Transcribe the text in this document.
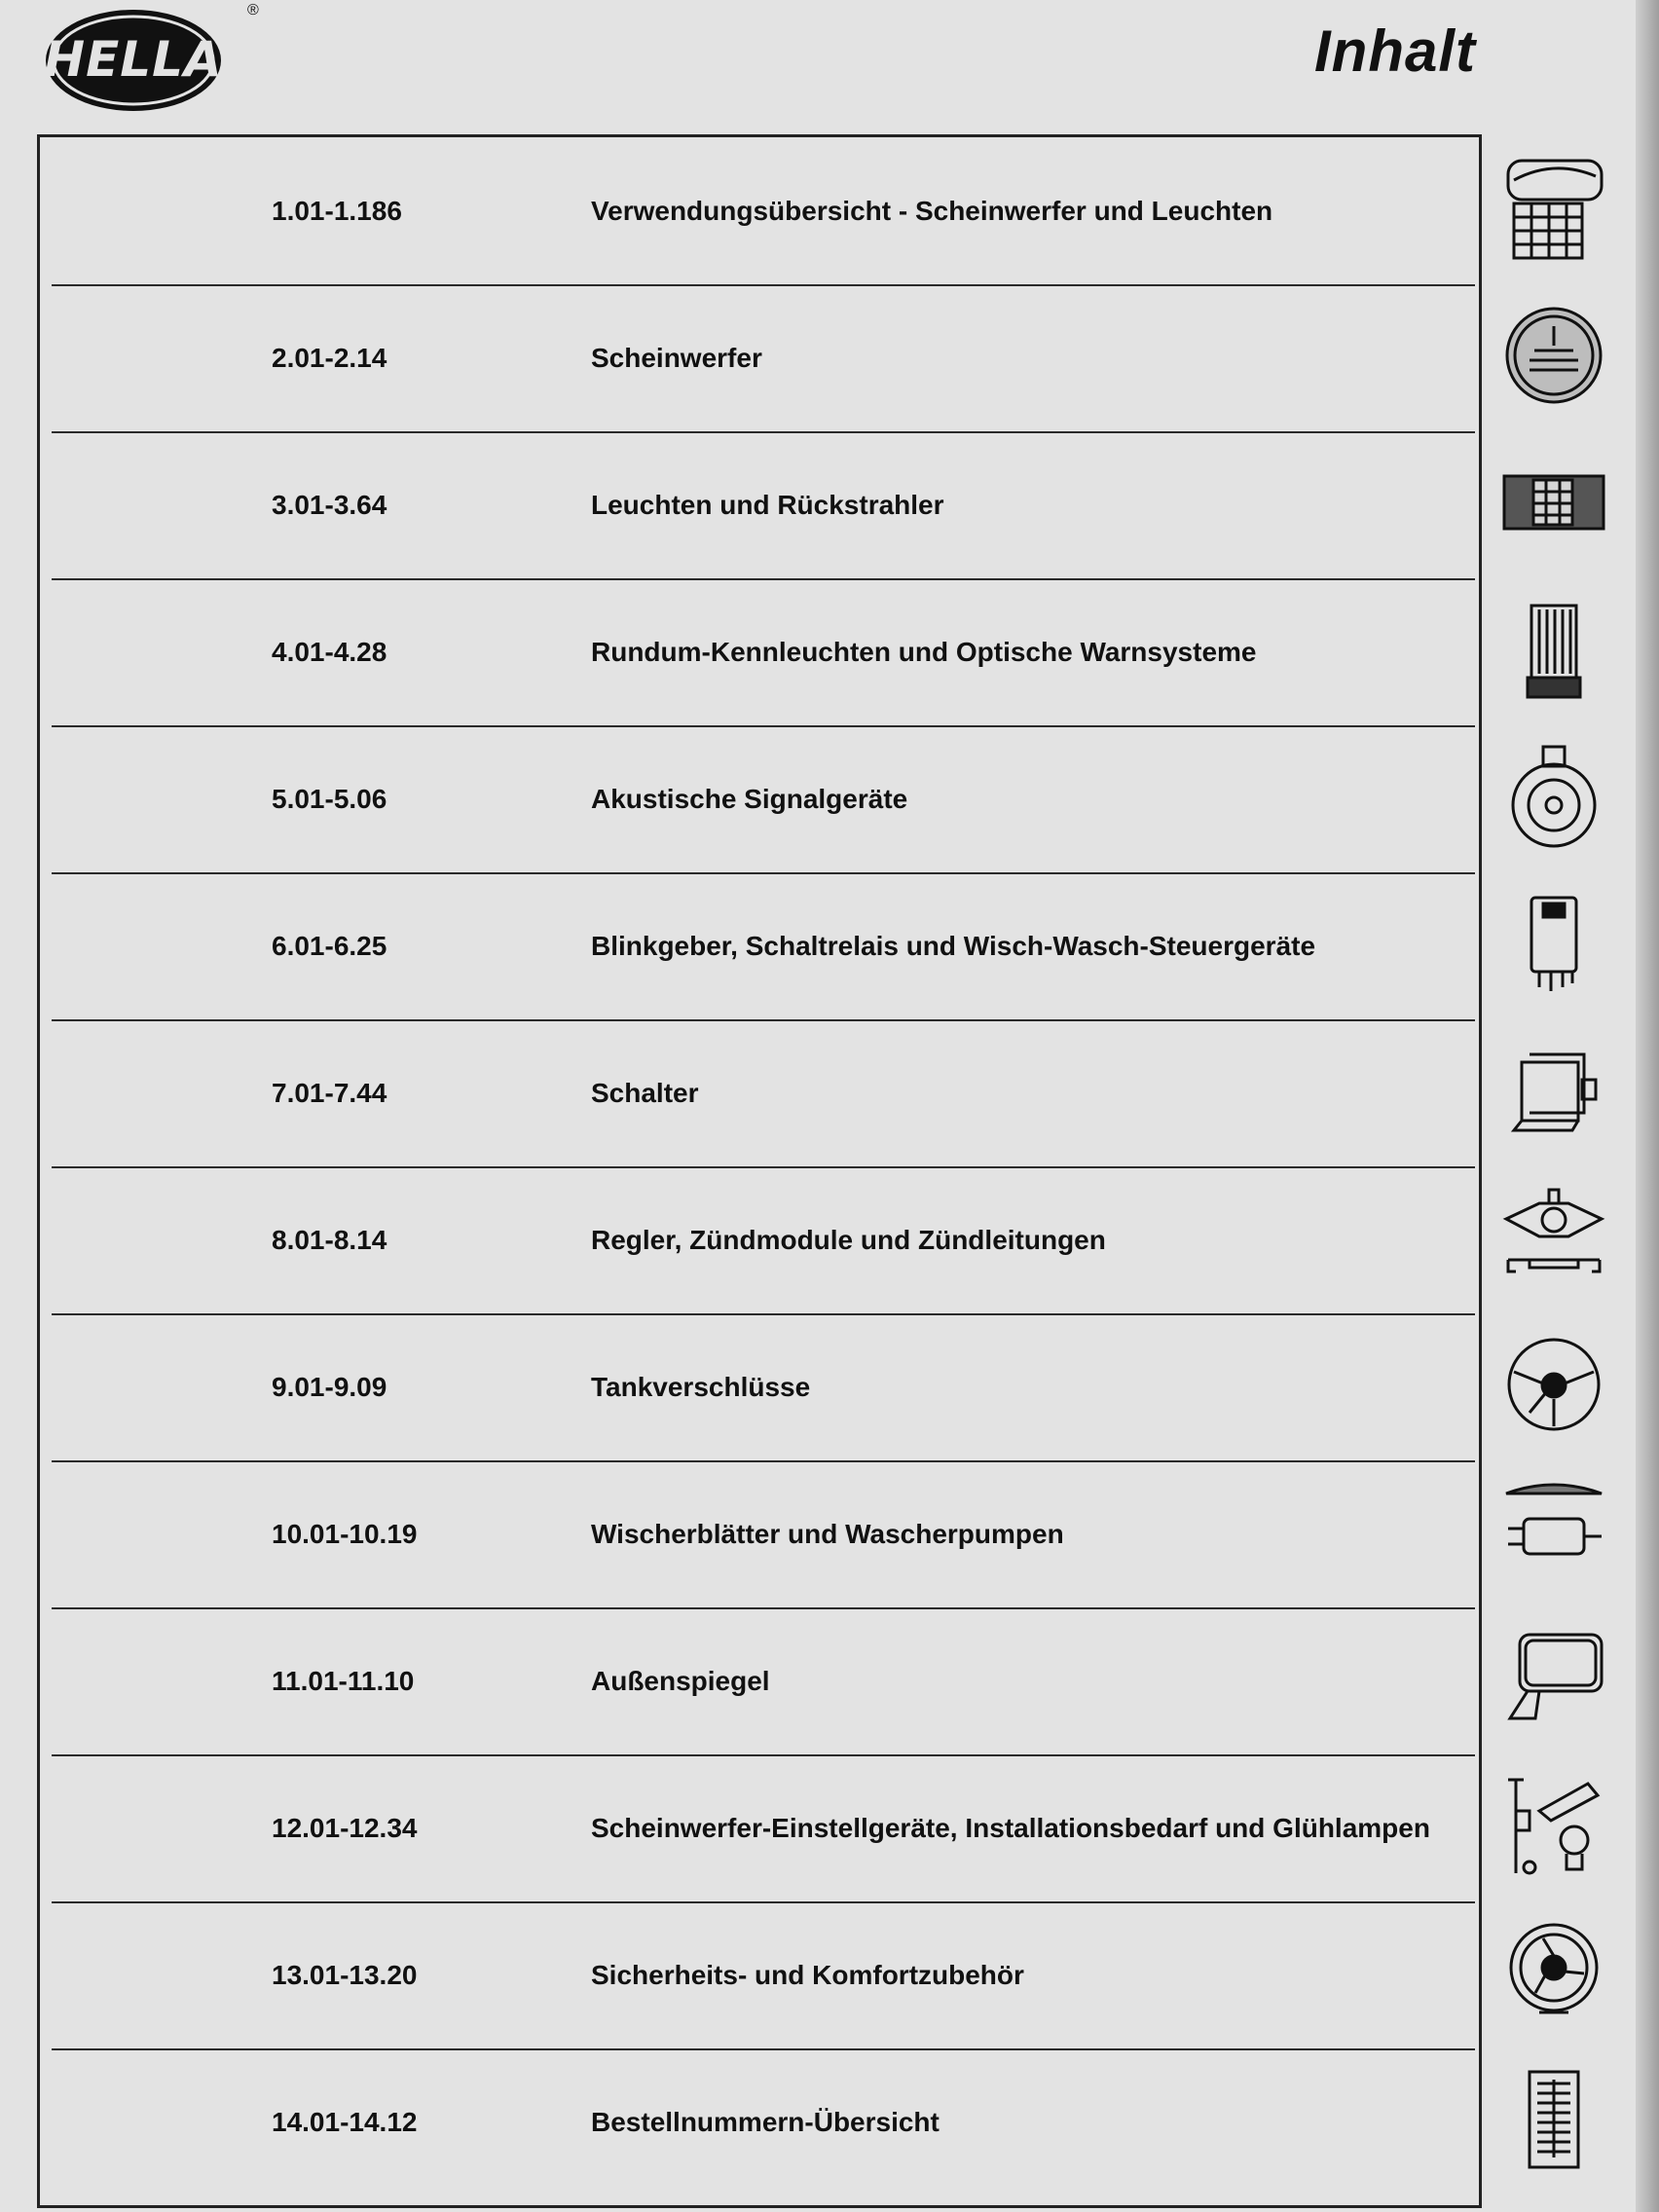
HELLA
®
Inhalt
1.01-1.186	Verwendungsübersicht - Scheinwerfer und Leuchten
2.01-2.14	Scheinwerfer
3.01-3.64	Leuchten und Rückstrahler
4.01-4.28	Rundum-Kennleuchten und Optische Warnsysteme
5.01-5.06	Akustische Signalgeräte
6.01-6.25	Blinkgeber, Schaltrelais und Wisch-Wasch-Steuergeräte
7.01-7.44	Schalter
8.01-8.14	Regler, Zündmodule und Zündleitungen
9.01-9.09	Tankverschlüsse
10.01-10.19	Wischerblätter und Wascherpumpen
11.01-11.10	Außenspiegel
12.01-12.34	Scheinwerfer-Einstellgeräte, Installationsbedarf und Glühlampen
13.01-13.20	Sicherheits- und Komfortzubehör
14.01-14.12	Bestellnummern-Übersicht
